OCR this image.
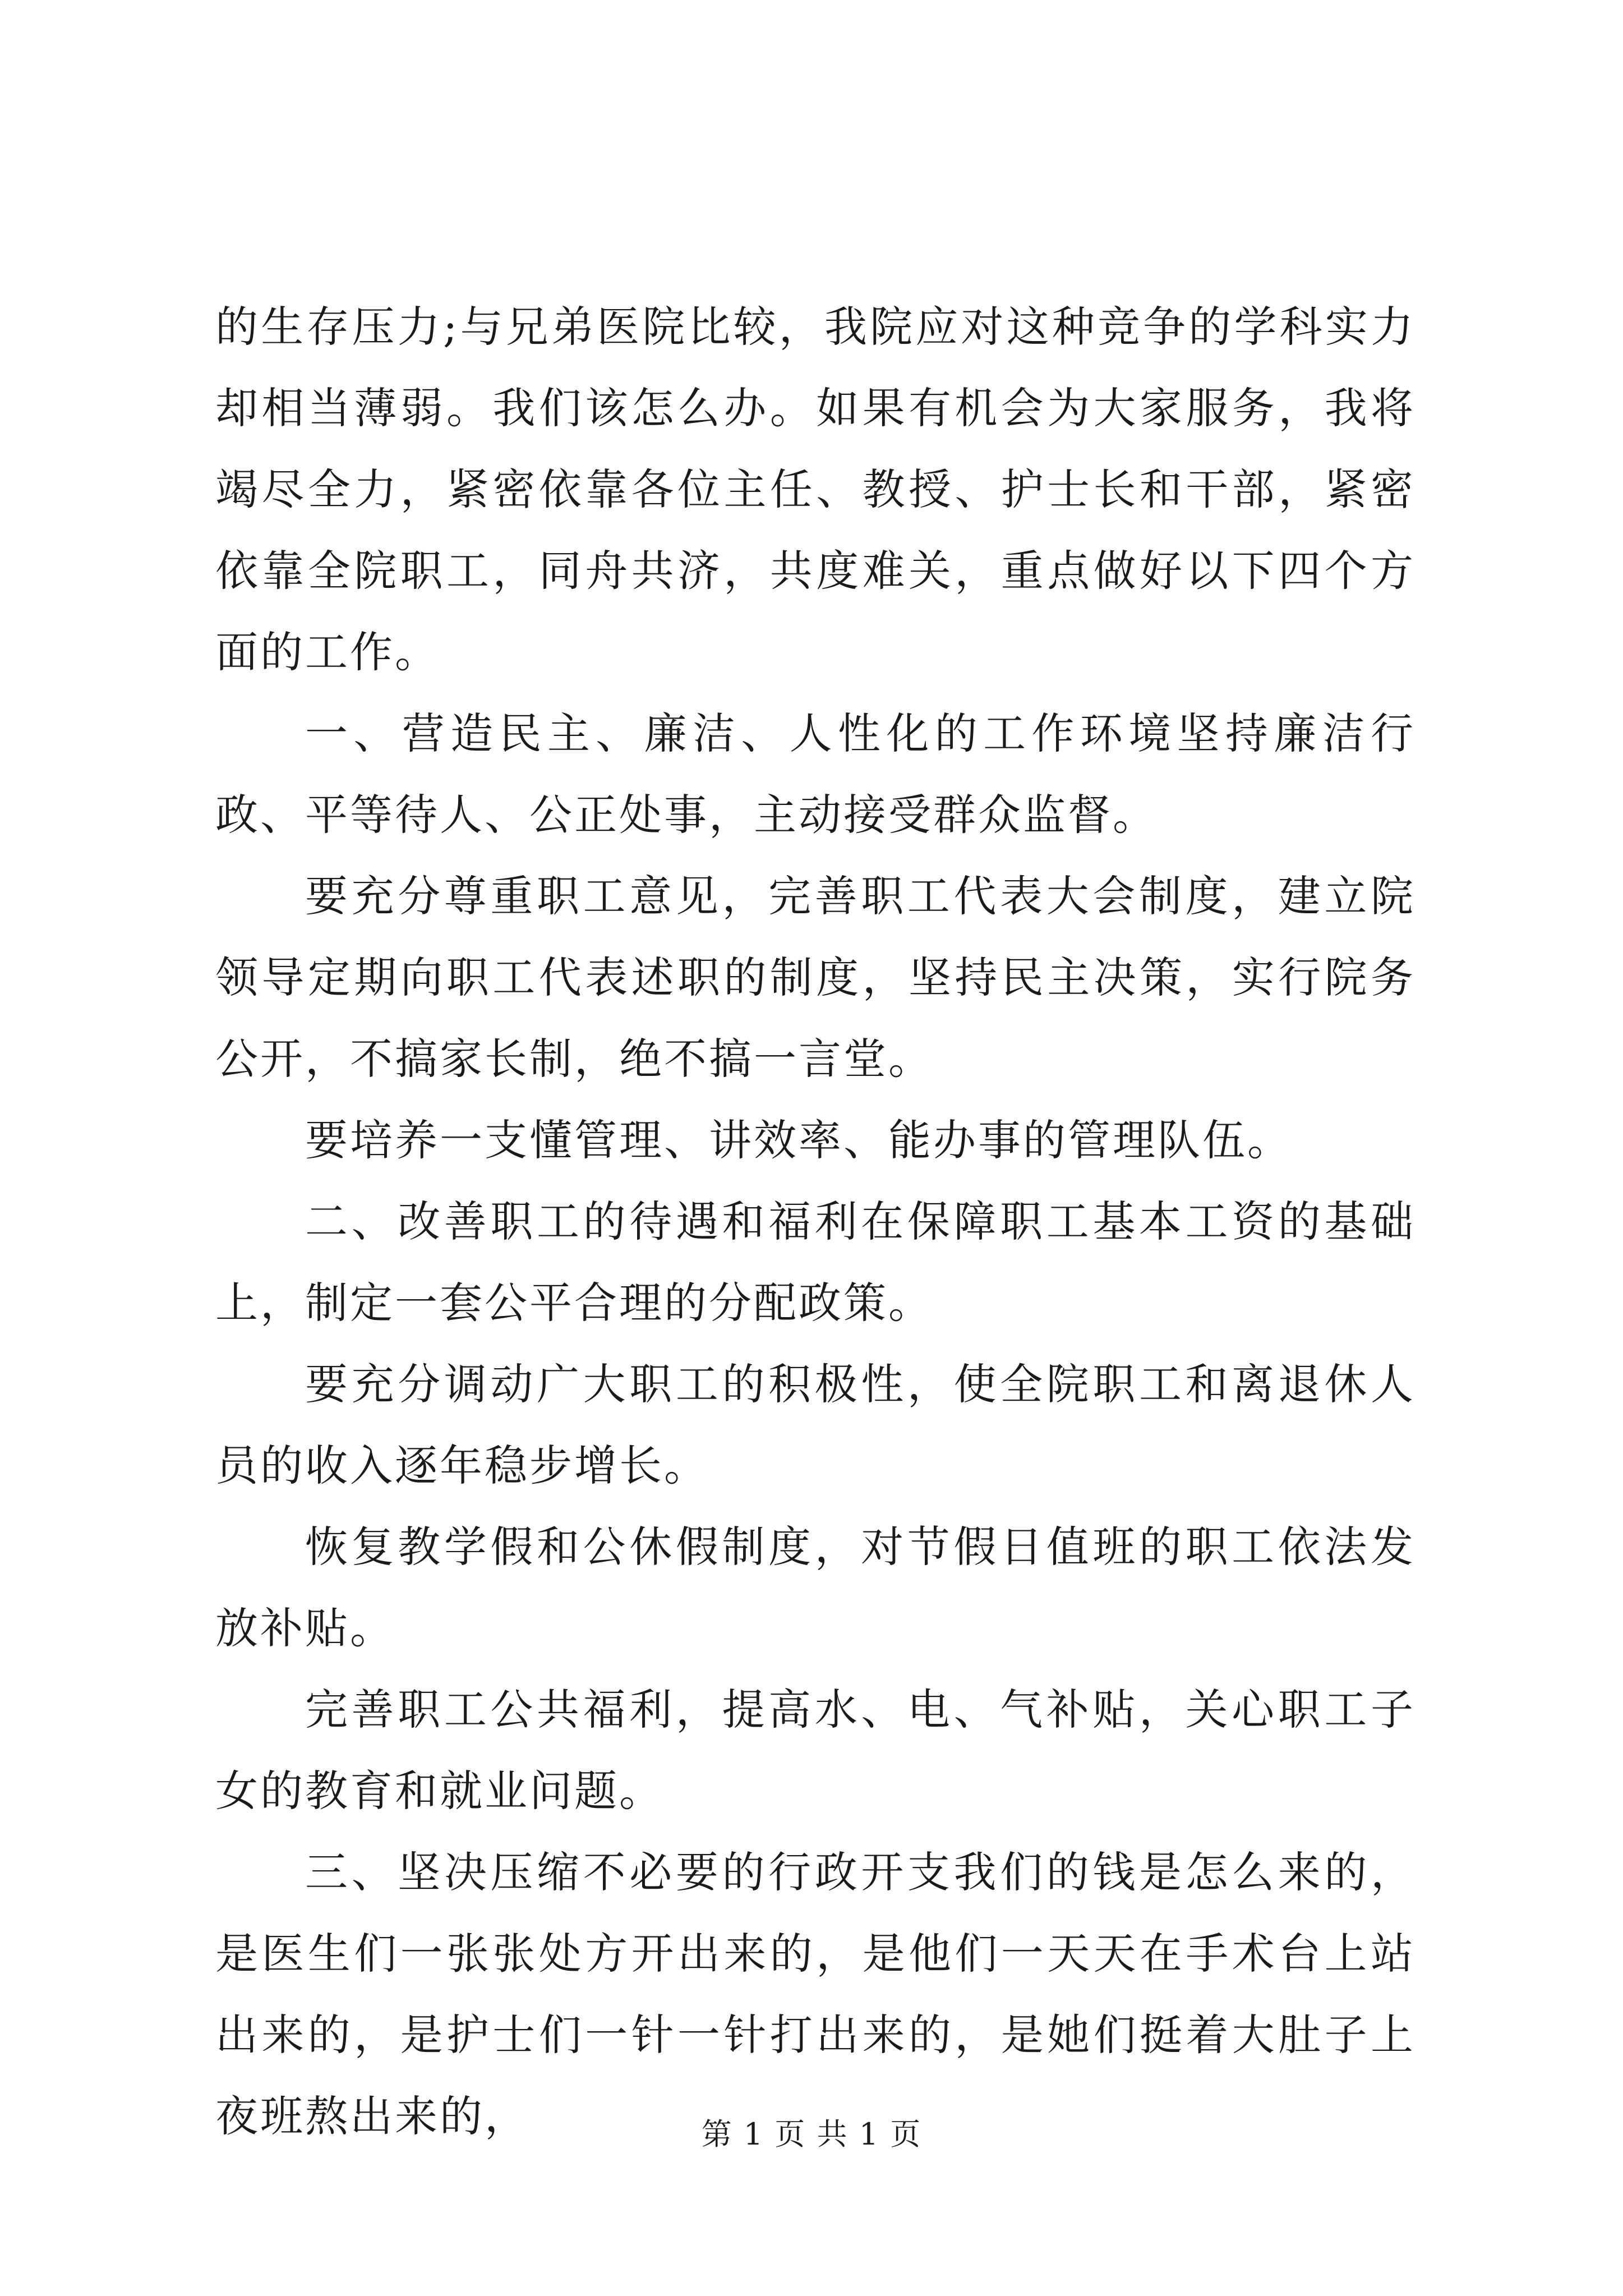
的生存压力;与兄弟医院比较，我院应对这种竞争的学科实力却相当薄弱。我们该怎么办。如果有机会为大家服务，我将竭尽全力，紧密依靠各位主任、教授、护士长和干部，紧密依靠全院职工，同舟共济，共度难关，重点做好以下四个方面的工作。

一、营造民主、廉洁、人性化的工作环境坚持廉洁行政、平等待人、公正处事，主动接受群众监督。

要充分尊重职工意见，完善职工代表大会制度，建立院领导定期向职工代表述职的制度，坚持民主决策，实行院务公开，不搞家长制，绝不搞一言堂。

要培养一支懂管理、讲效率、能办事的管理队伍。

二、改善职工的待遇和福利在保障职工基本工资的基础上，制定一套公平合理的分配政策。

要充分调动广大职工的积极性，使全院职工和离退休人员的收入逐年稳步增长。

恢复教学假和公休假制度，对节假日值班的职工依法发放补贴。

完善职工公共福利，提高水、电、气补贴，关心职工子女的教育和就业问题。

三、坚决压缩不必要的行政开支我们的钱是怎么来的，是医生们一张张处方开出来的，是他们一天天在手术台上站出来的，是护士们一针一针打出来的，是她们挺着大肚子上夜班熬出来的，	第 1 页 共 1 页
